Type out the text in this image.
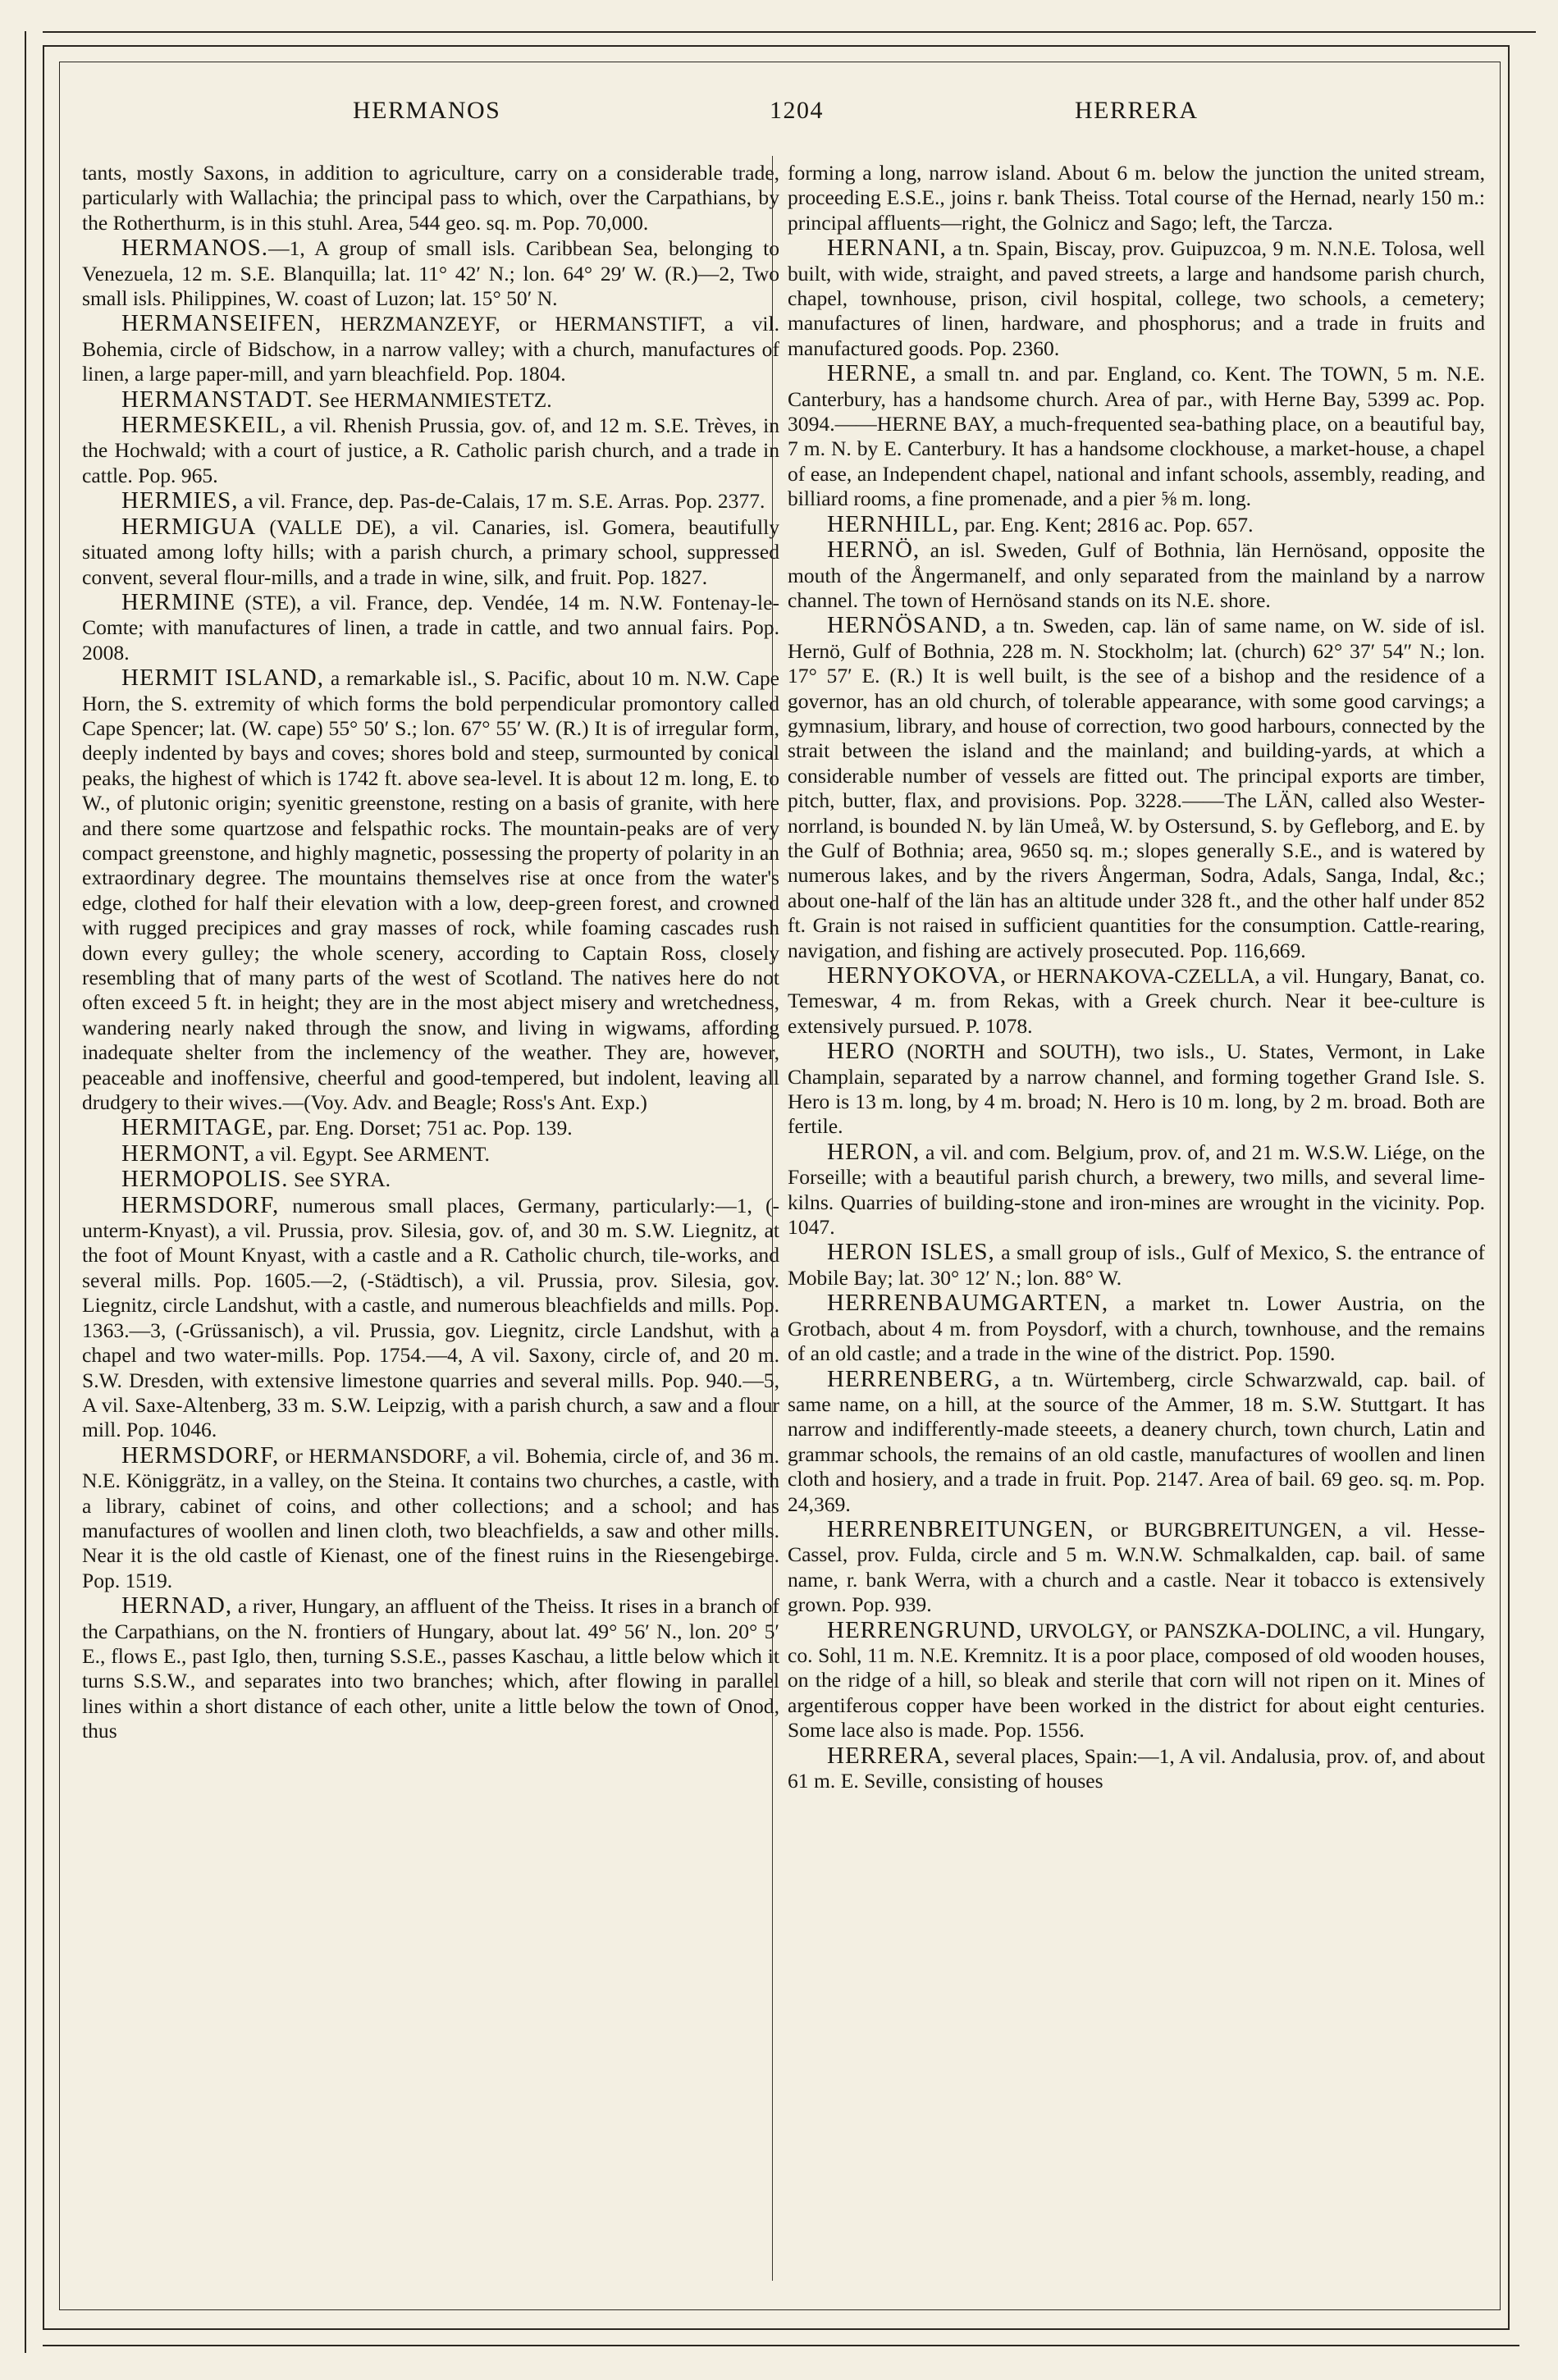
HERMANOS	1204	HERRERA

tants, mostly Saxons, in addition to agriculture, carry on a considerable trade, particularly with Wallachia; the principal pass to which, over the Carpathians, by the Rotherthurm, is in this stuhl. Area, 544 geo. sq. m. Pop. 70,000.

HERMANOS.—1, A group of small isls. Caribbean Sea, belonging to Venezuela, 12 m. S.E. Blanquilla; lat. 11° 42′ N.; lon. 64° 29′ W. (R.)—2, Two small isls. Philippines, W. coast of Luzon; lat. 15° 50′ N.

HERMANSEIFEN, HERZMANZEYF, or HERMANSTIFT, a vil. Bohemia, circle of Bidschow, in a narrow valley; with a church, manufactures of linen, a large paper-mill, and yarn bleachfield. Pop. 1804.

HERMANSTADT. See HERMANMIESTETZ.

HERMESKEIL, a vil. Rhenish Prussia, gov. of, and 12 m. S.E. Trèves, in the Hochwald; with a court of justice, a R. Catholic parish church, and a trade in cattle. Pop. 965.

HERMIES, a vil. France, dep. Pas-de-Calais, 17 m. S.E. Arras. Pop. 2377.

HERMIGUA (VALLE DE), a vil. Canaries, isl. Gomera, beautifully situated among lofty hills; with a parish church, a primary school, suppressed convent, several flour-mills, and a trade in wine, silk, and fruit. Pop. 1827.

HERMINE (STE), a vil. France, dep. Vendée, 14 m. N.W. Fontenay-le-Comte; with manufactures of linen, a trade in cattle, and two annual fairs. Pop. 2008.

HERMIT ISLAND, a remarkable isl., S. Pacific, about 10 m. N.W. Cape Horn, the S. extremity of which forms the bold perpendicular promontory called Cape Spencer; lat. (W. cape) 55° 50′ S.; lon. 67° 55′ W. (R.) It is of irregular form, deeply indented by bays and coves; shores bold and steep, surmounted by conical peaks, the highest of which is 1742 ft. above sea-level. It is about 12 m. long, E. to W., of plutonic origin; syenitic greenstone, resting on a basis of granite, with here and there some quartzose and felspathic rocks. The mountain-peaks are of very compact greenstone, and highly magnetic, possessing the property of polarity in an extraordinary degree. The mountains themselves rise at once from the water's edge, clothed for half their elevation with a low, deep-green forest, and crowned with rugged precipices and gray masses of rock, while foaming cascades rush down every gulley; the whole scenery, according to Captain Ross, closely resembling that of many parts of the west of Scotland. The natives here do not often exceed 5 ft. in height; they are in the most abject misery and wretchedness, wandering nearly naked through the snow, and living in wigwams, affording inadequate shelter from the inclemency of the weather. They are, however, peaceable and inoffensive, cheerful and good-tempered, but indolent, leaving all drudgery to their wives.—(Voy. Adv. and Beagle; Ross's Ant. Exp.)

HERMITAGE, par. Eng. Dorset; 751 ac. Pop. 139.

HERMONT, a vil. Egypt. See ARMENT.

HERMOPOLIS. See SYRA.

HERMSDORF, numerous small places, Germany, particularly:—1, (-unterm-Knyast), a vil. Prussia, prov. Silesia, gov. of, and 30 m. S.W. Liegnitz, at the foot of Mount Knyast, with a castle and a R. Catholic church, tile-works, and several mills. Pop. 1605.—2, (-Städtisch), a vil. Prussia, prov. Silesia, gov. Liegnitz, circle Landshut, with a castle, and numerous bleachfields and mills. Pop. 1363.—3, (-Grüssanisch), a vil. Prussia, gov. Liegnitz, circle Landshut, with a chapel and two water-mills. Pop. 1754.—4, A vil. Saxony, circle of, and 20 m. S.W. Dresden, with extensive limestone quarries and several mills. Pop. 940.—5, A vil. Saxe-Altenberg, 33 m. S.W. Leipzig, with a parish church, a saw and a flour mill. Pop. 1046.

HERMSDORF, or HERMANSDORF, a vil. Bohemia, circle of, and 36 m. N.E. Königgrätz, in a valley, on the Steina. It contains two churches, a castle, with a library, cabinet of coins, and other collections; and a school; and has manufactures of woollen and linen cloth, two bleachfields, a saw and other mills. Near it is the old castle of Kienast, one of the finest ruins in the Riesengebirge. Pop. 1519.

HERNAD, a river, Hungary, an affluent of the Theiss. It rises in a branch of the Carpathians, on the N. frontiers of Hungary, about lat. 49° 56′ N., lon. 20° 5′ E., flows E., past Iglo, then, turning S.S.E., passes Kaschau, a little below which it turns S.S.W., and separates into two branches; which, after flowing in parallel lines within a short distance of each other, unite a little below the town of Onod, thus

forming a long, narrow island. About 6 m. below the junction the united stream, proceeding E.S.E., joins r. bank Theiss. Total course of the Hernad, nearly 150 m.: principal affluents—right, the Golnicz and Sago; left, the Tarcza.

HERNANI, a tn. Spain, Biscay, prov. Guipuzcoa, 9 m. N.N.E. Tolosa, well built, with wide, straight, and paved streets, a large and handsome parish church, chapel, townhouse, prison, civil hospital, college, two schools, a cemetery; manufactures of linen, hardware, and phosphorus; and a trade in fruits and manufactured goods. Pop. 2360.

HERNE, a small tn. and par. England, co. Kent. The TOWN, 5 m. N.E. Canterbury, has a handsome church. Area of par., with Herne Bay, 5399 ac. Pop. 3094.——HERNE BAY, a much-frequented sea-bathing place, on a beautiful bay, 7 m. N. by E. Canterbury. It has a handsome clockhouse, a market-house, a chapel of ease, an Independent chapel, national and infant schools, assembly, reading, and billiard rooms, a fine promenade, and a pier ⅝ m. long.

HERNHILL, par. Eng. Kent; 2816 ac. Pop. 657.

HERNÖ, an isl. Sweden, Gulf of Bothnia, län Hernösand, opposite the mouth of the Ångermanelf, and only separated from the mainland by a narrow channel. The town of Hernösand stands on its N.E. shore.

HERNÖSAND, a tn. Sweden, cap. län of same name, on W. side of isl. Hernö, Gulf of Bothnia, 228 m. N. Stockholm; lat. (church) 62° 37′ 54″ N.; lon. 17° 57′ E. (R.) It is well built, is the see of a bishop and the residence of a governor, has an old church, of tolerable appearance, with some good carvings; a gymnasium, library, and house of correction, two good harbours, connected by the strait between the island and the mainland; and building-yards, at which a considerable number of vessels are fitted out. The principal exports are timber, pitch, butter, flax, and provisions. Pop. 3228.——The LÄN, called also Wester-norrland, is bounded N. by län Umeå, W. by Ostersund, S. by Gefleborg, and E. by the Gulf of Bothnia; area, 9650 sq. m.; slopes generally S.E., and is watered by numerous lakes, and by the rivers Ångerman, Sodra, Adals, Sanga, Indal, &c.; about one-half of the län has an altitude under 328 ft., and the other half under 852 ft. Grain is not raised in sufficient quantities for the consumption. Cattle-rearing, navigation, and fishing are actively prosecuted. Pop. 116,669.

HERNYOKOVA, or HERNAKOVA-CZELLA, a vil. Hungary, Banat, co. Temeswar, 4 m. from Rekas, with a Greek church. Near it bee-culture is extensively pursued. P. 1078.

HERO (NORTH and SOUTH), two isls., U. States, Vermont, in Lake Champlain, separated by a narrow channel, and forming together Grand Isle. S. Hero is 13 m. long, by 4 m. broad; N. Hero is 10 m. long, by 2 m. broad. Both are fertile.

HERON, a vil. and com. Belgium, prov. of, and 21 m. W.S.W. Liége, on the Forseille; with a beautiful parish church, a brewery, two mills, and several lime-kilns. Quarries of building-stone and iron-mines are wrought in the vicinity. Pop. 1047.

HERON ISLES, a small group of isls., Gulf of Mexico, S. the entrance of Mobile Bay; lat. 30° 12′ N.; lon. 88° W.

HERRENBAUMGARTEN, a market tn. Lower Austria, on the Grotbach, about 4 m. from Poysdorf, with a church, townhouse, and the remains of an old castle; and a trade in the wine of the district. Pop. 1590.

HERRENBERG, a tn. Würtemberg, circle Schwarzwald, cap. bail. of same name, on a hill, at the source of the Ammer, 18 m. S.W. Stuttgart. It has narrow and indifferently-made steeets, a deanery church, town church, Latin and grammar schools, the remains of an old castle, manufactures of woollen and linen cloth and hosiery, and a trade in fruit. Pop. 2147. Area of bail. 69 geo. sq. m. Pop. 24,369.

HERRENBREITUNGEN, or BURGBREITUNGEN, a vil. Hesse-Cassel, prov. Fulda, circle and 5 m. W.N.W. Schmalkalden, cap. bail. of same name, r. bank Werra, with a church and a castle. Near it tobacco is extensively grown. Pop. 939.

HERRENGRUND, URVOLGY, or PANSZKA-DOLINC, a vil. Hungary, co. Sohl, 11 m. N.E. Kremnitz. It is a poor place, composed of old wooden houses, on the ridge of a hill, so bleak and sterile that corn will not ripen on it. Mines of argentiferous copper have been worked in the district for about eight centuries. Some lace also is made. Pop. 1556.

HERRERA, several places, Spain:—1, A vil. Andalusia, prov. of, and about 61 m. E. Seville, consisting of houses
